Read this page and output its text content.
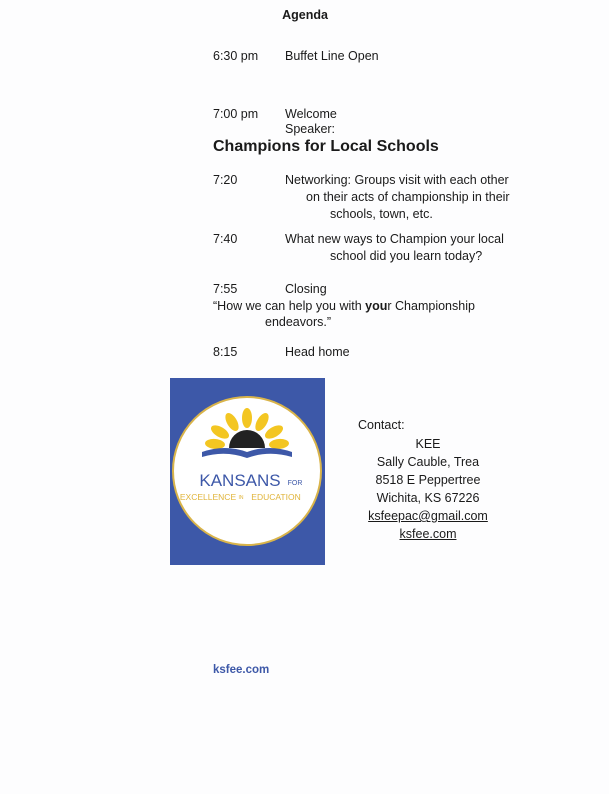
Agenda
6:30 pm Buffet Line Open
7:00 pm Welcome
Speaker:
Champions for Local Schools
7:20	Networking: Groups visit with each other
on their acts of championship in their
schools, town, etc.
7:40	What new ways to Champion your local
school did you learn today?
7:55	Closing
“How we can help you with your Championship
endeavors.”
8:15	Head home
KANSANS FOR
EXCELLENCE IN EDUCATION
Contact:
KEE
Sally Cauble, Trea
8518 E Peppertree
Wichita, KS 67226
ksfeepac@gmail.com
ksfee.com
ksfee.com
